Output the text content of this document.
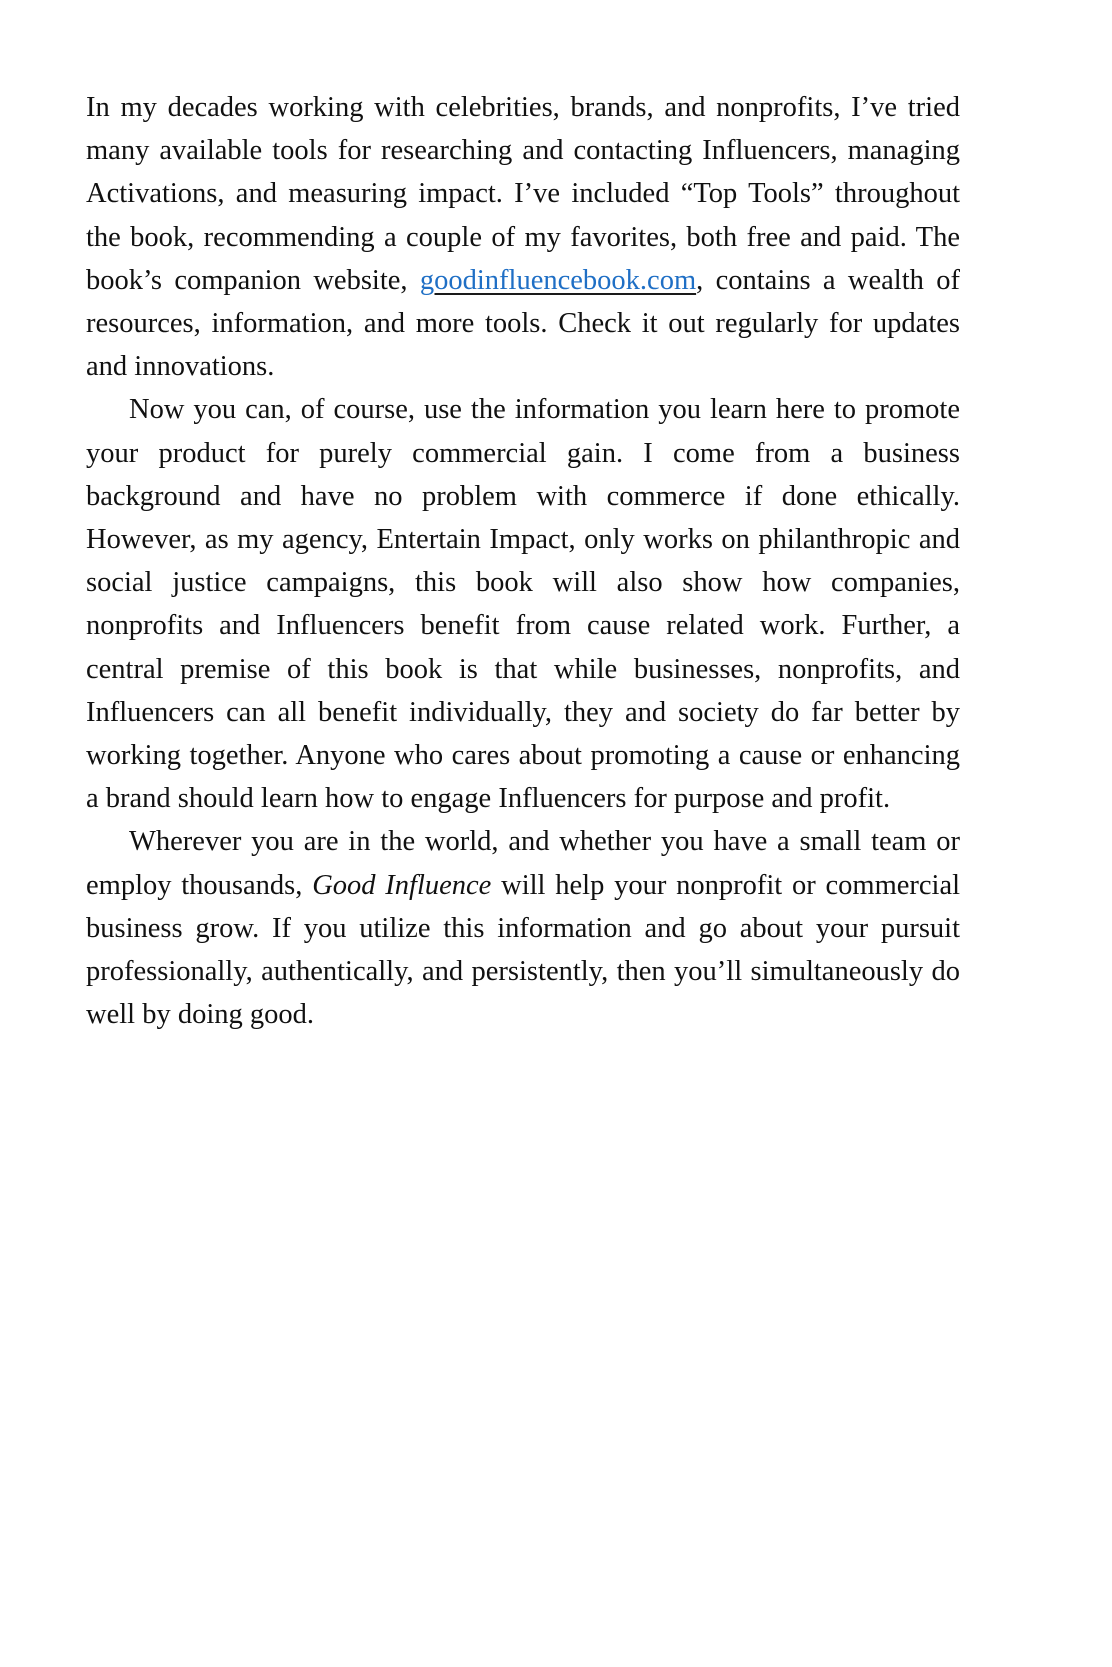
In my decades working with celebrities, brands, and nonprofits, I’ve tried many available tools for researching and contacting Influencers, managing Activations, and measuring impact. I’ve included “Top Tools” throughout the book, recommending a couple of my favorites, both free and paid. The book’s companion website, goodinfluencebook.com, contains a wealth of resources, information, and more tools. Check it out regularly for updates and innovations.

Now you can, of course, use the information you learn here to promote your product for purely commercial gain. I come from a business background and have no problem with commerce if done ethically. However, as my agency, Entertain Impact, only works on philanthropic and social justice campaigns, this book will also show how companies, nonprofits and Influencers benefit from cause related work. Further, a central premise of this book is that while businesses, nonprofits, and Influencers can all benefit individually, they and society do far better by working together. Anyone who cares about promoting a cause or enhancing a brand should learn how to engage Influencers for purpose and profit.

Wherever you are in the world, and whether you have a small team or employ thousands, Good Influence will help your nonprofit or commercial business grow. If you utilize this information and go about your pursuit professionally, authentically, and persistently, then you’ll simultaneously do well by doing good.
